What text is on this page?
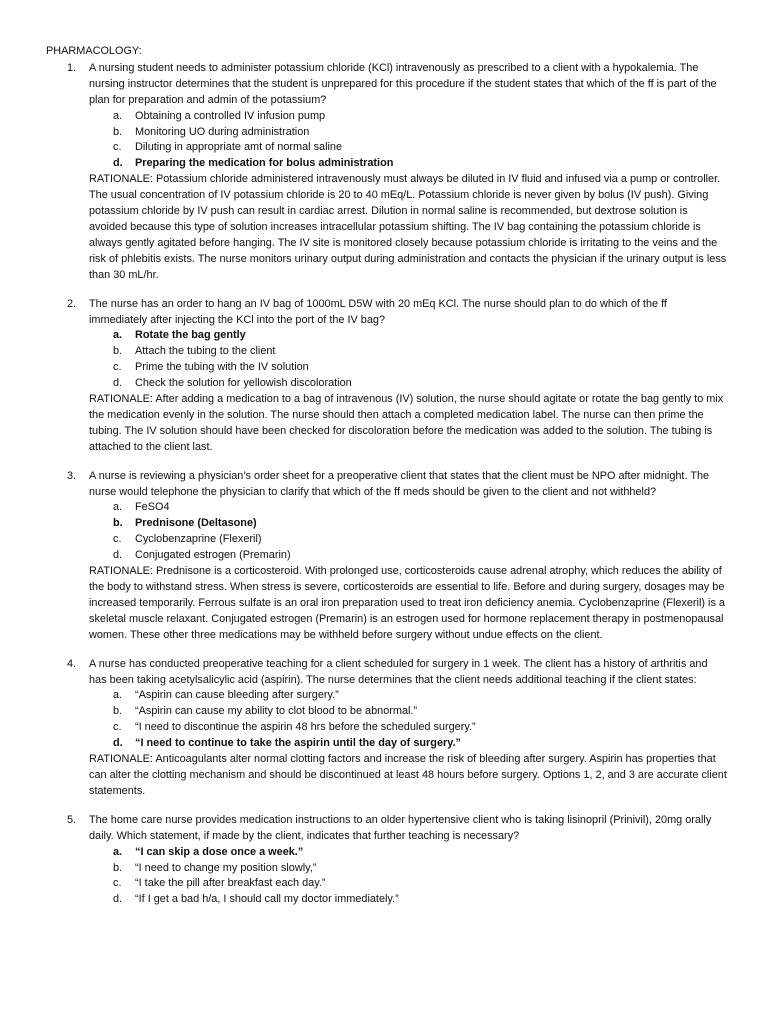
PHARMACOLOGY:
1.	A nursing student needs to administer potassium chloride (KCl) intravenously as prescribed to a client with a hypokalemia. The nursing instructor determines that the student is unprepared for this procedure if the student states that which of the ff is part of the plan for preparation and admin of the potassium?

a.	Obtaining a controlled IV infusion pump
b.	Monitoring UO during administration
c.	Diluting in appropriate amt of normal saline
d.	Preparing the medication for bolus administration

RATIONALE: Potassium chloride administered intravenously must always be diluted in IV fluid and infused via a pump or controller. The usual concentration of IV potassium chloride is 20 to 40 mEq/L. Potassium chloride is never given by bolus (IV push). Giving potassium chloride by IV push can result in cardiac arrest. Dilution in normal saline is recommended, but dextrose solution is avoided because this type of solution increases intracellular potassium shifting. The IV bag containing the potassium chloride is always gently agitated before hanging. The IV site is monitored closely because potassium chloride is irritating to the veins and the risk of phlebitis exists. The nurse monitors urinary output during administration and contacts the physician if the urinary output is less than 30 mL/hr.

2.	The nurse has an order to hang an IV bag of 1000mL D5W with 20 mEq KCl. The nurse should plan to do which of the ff immediately after injecting the KCl into the port of the IV bag?

a.	Rotate the bag gently
b.	Attach the tubing to the client
c.	Prime the tubing with the IV solution
d.	Check the solution for yellowish discoloration

RATIONALE: After adding a medication to a bag of intravenous (IV) solution, the nurse should agitate or rotate the bag gently to mix the medication evenly in the solution. The nurse should then attach a completed medication label. The nurse can then prime the tubing. The IV solution should have been checked for discoloration before the medication was added to the solution. The tubing is attached to the client last.

3.	A nurse is reviewing a physician’s order sheet for a preoperative client that states that the client must be NPO after midnight. The nurse would telephone the physician to clarify that which of the ff meds should be given to the client and not withheld?

a.	FeSO4
b.	Prednisone (Deltasone)
c.	Cyclobenzaprine (Flexeril)
d.	Conjugated estrogen (Premarin)

RATIONALE: Prednisone is a corticosteroid. With prolonged use, corticosteroids cause adrenal atrophy, which reduces the ability of the body to withstand stress. When stress is severe, corticosteroids are essential to life. Before and during surgery, dosages may be increased temporarily. Ferrous sulfate is an oral iron preparation used to treat iron deficiency anemia. Cyclobenzaprine (Flexeril) is a skeletal muscle relaxant. Conjugated estrogen (Premarin) is an estrogen used for hormone replacement therapy in postmenopausal women. These other three medications may be withheld before surgery without undue effects on the client.

4.	A nurse has conducted preoperative teaching for a client scheduled for surgery in 1 week. The client has a history of arthritis and has been taking acetylsalicylic acid (aspirin). The nurse determines that the client needs additional teaching if the client states:

a.	“Aspirin can cause bleeding after surgery.”
b.	“Aspirin can cause my ability to clot blood to be abnormal.”
c.	“I need to discontinue the aspirin 48 hrs before the scheduled surgery.”
d.	“I need to continue to take the aspirin until the day of surgery.”

RATIONALE: Anticoagulants alter normal clotting factors and increase the risk of bleeding after surgery. Aspirin has properties that can alter the clotting mechanism and should be discontinued at least 48 hours before surgery. Options 1, 2, and 3 are accurate client statements.

5.	The home care nurse provides medication instructions to an older hypertensive client who is taking lisinopril (Prinivil), 20mg orally daily. Which statement, if made by the client, indicates that further teaching is necessary?

a.	“I can skip a dose once a week.”
b.	“I need to change my position slowly,”
c.	“I take the pill after breakfast each day.”
d.	“If I get a bad h/a, I should call my doctor immediately.”
